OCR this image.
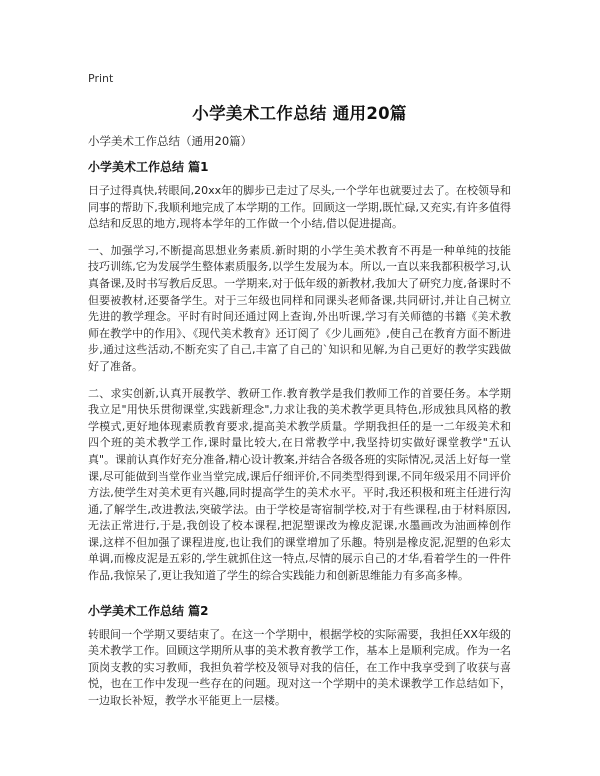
Print
小学美术工作总结 通用20篇
小学美术工作总结（通用20篇）
小学美术工作总结 篇1

日子过得真快,转眼间,20xx年的脚步已走过了尽头,一个学年也就要过去了。在校领导和同事的帮助下,我顺利地完成了本学期的工作。回顾这一学期,既忙碌,又充实,有许多值得总结和反思的地方,现将本学年的工作做一个小结,借以促进提高。

一、加强学习,不断提高思想业务素质.新时期的小学生美术教育不再是一种单纯的技能技巧训练,它为发展学生整体素质服务,以学生发展为本。所以,一直以来我都积极学习,认真备课,及时书写教后反思。一学期来,对于低年级的新教材,我加大了研究力度,备课时不但要被教材,还要备学生。对于三年级也同样和同课头老师备课,共同研讨,并让自己树立先进的教学理念。平时有时间还通过网上查询,外出听课,学习有关师德的书籍《美术教师在教学中的作用》、《现代美术教育》还订阅了《少儿画苑》,使自己在教育方面不断进步,通过这些活动,不断充实了自己,丰富了自己的`知识和见解,为自己更好的教学实践做好了准备。

二、求实创新,认真开展教学、教研工作.教育教学是我们教师工作的首要任务。本学期我立足"用快乐贯彻课堂,实践新理念",力求让我的美术教学更具特色,形成独具风格的教学模式,更好地体现素质教育要求,提高美术教学质量。学期我担任的是一二年级美术和四个班的美术教学工作,课时量比较大,在日常教学中,我坚持切实做好课堂教学"五认真"。课前认真作好充分准备,精心设计教案,并结合各级各班的实际情况,灵活上好每一堂课,尽可能做到当堂作业当堂完成,课后仔细评价,不同类型得到课,不同年级采用不同评价方法,使学生对美术更有兴趣,同时提高学生的美术水平。平时,我还积极和班主任进行沟通,了解学生,改进教法,突破学法。由于学校是寄宿制学校,对于有些课程,由于材料原因,无法正常进行,于是,我创设了校本课程,把泥塑课改为橡皮泥课,水墨画改为油画棒创作课,这样不但加强了课程进度,也让我们的课堂增加了乐趣。特别是橡皮泥,泥塑的色彩太单调,而橡皮泥是五彩的,学生就抓住这一特点,尽情的展示自己的才华,看着学生的一件件作品,我惊呆了,更让我知道了学生的综合实践能力和创新思维能力有多高多棒。

小学美术工作总结 篇2

转眼间一个学期又要结束了。在这一个学期中，根据学校的实际需要，我担任XX年级的美术教学工作。回顾这学期所从事的美术教育教学工作，基本上是顺利完成。作为一名顶岗支教的实习教师，我担负着学校及领导对我的信任，在工作中我享受到了收获与喜悦，也在工作中发现一些存在的问题。现对这一个学期中的美术课教学工作总结如下，一边取长补短，教学水平能更上一层楼。
